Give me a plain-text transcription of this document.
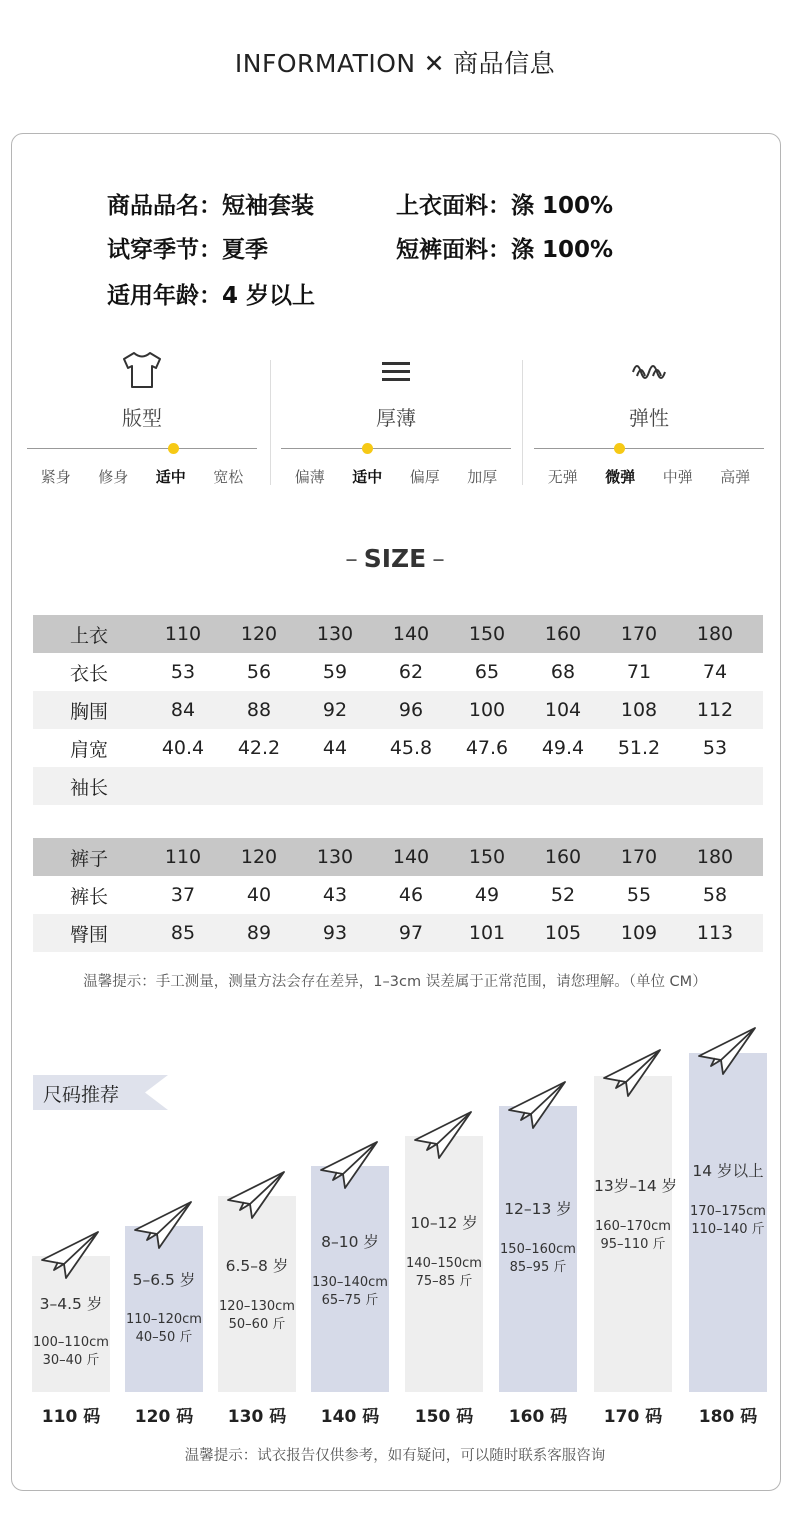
INFORMATION ✕ 商品信息
商品品名：短袖套装	上衣面料：涤 100%
试穿季节：夏季	短裤面料：涤 100%
适用年龄：4 岁以上
版型
紧身	修身	适中	宽松
厚薄
偏薄	适中	偏厚	加厚
弹性
无弹	微弹	中弹	高弹
– SIZE –
上衣	110	120	130	140	150	160	170	180
衣长	53	56	59	62	65	68	71	74
胸围	84	88	92	96	100	104	108	112
肩宽	40.4	42.2	44	45.8	47.6	49.4	51.2	53
袖长
裤子	110	120	130	140	150	160	170	180
裤长	37	40	43	46	49	52	55	58
臀围	85	89	93	97	101	105	109	113
温馨提示：手工测量，测量方法会存在差异，1–3cm 误差属于正常范围，请您理解。（单位 CM）
尺码推荐
3–4.5 岁
100–110cm
30–40 斤
5–6.5 岁
110–120cm
40–50 斤
6.5–8 岁
120–130cm
50–60 斤
8–10 岁
130–140cm
65–75 斤
10–12 岁
140–150cm
75–85 斤
12–13 岁
150–160cm
85–95 斤
13岁–14 岁
160–170cm
95–110 斤
14 岁以上
170–175cm
110–140 斤
110 码	120 码	130 码	140 码	150 码	160 码	170 码	180 码
温馨提示：试衣报告仅供参考，如有疑问，可以随时联系客服咨询
